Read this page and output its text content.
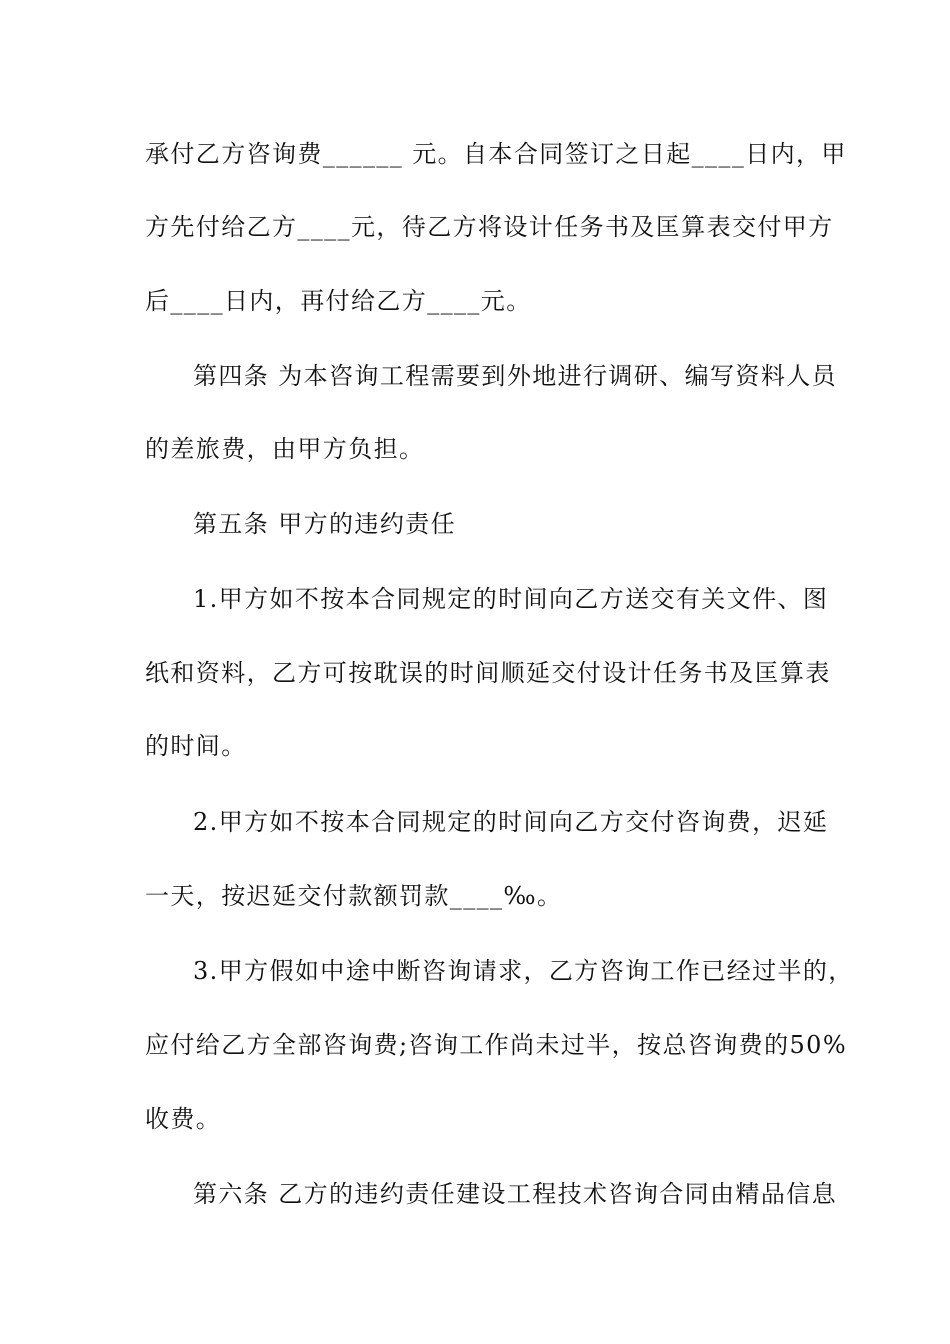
承付乙方咨询费______ 元。自本合同签订之日起____日内，甲
方先付给乙方____元，待乙方将设计任务书及匡算表交付甲方
后____日内，再付给乙方____元。
第四条 为本咨询工程需要到外地进行调研、编写资料人员
的差旅费，由甲方负担。
第五条 甲方的违约责任
1.甲方如不按本合同规定的时间向乙方送交有关文件、图
纸和资料，乙方可按耽误的时间顺延交付设计任务书及匡算表
的时间。
2.甲方如不按本合同规定的时间向乙方交付咨询费，迟延
一天，按迟延交付款额罚款____‰。
3.甲方假如中途中断咨询请求，乙方咨询工作已经过半的，
应付给乙方全部咨询费;咨询工作尚未过半，按总咨询费的50%
收费。
第六条 乙方的违约责任建设工程技术咨询合同由精品信息
